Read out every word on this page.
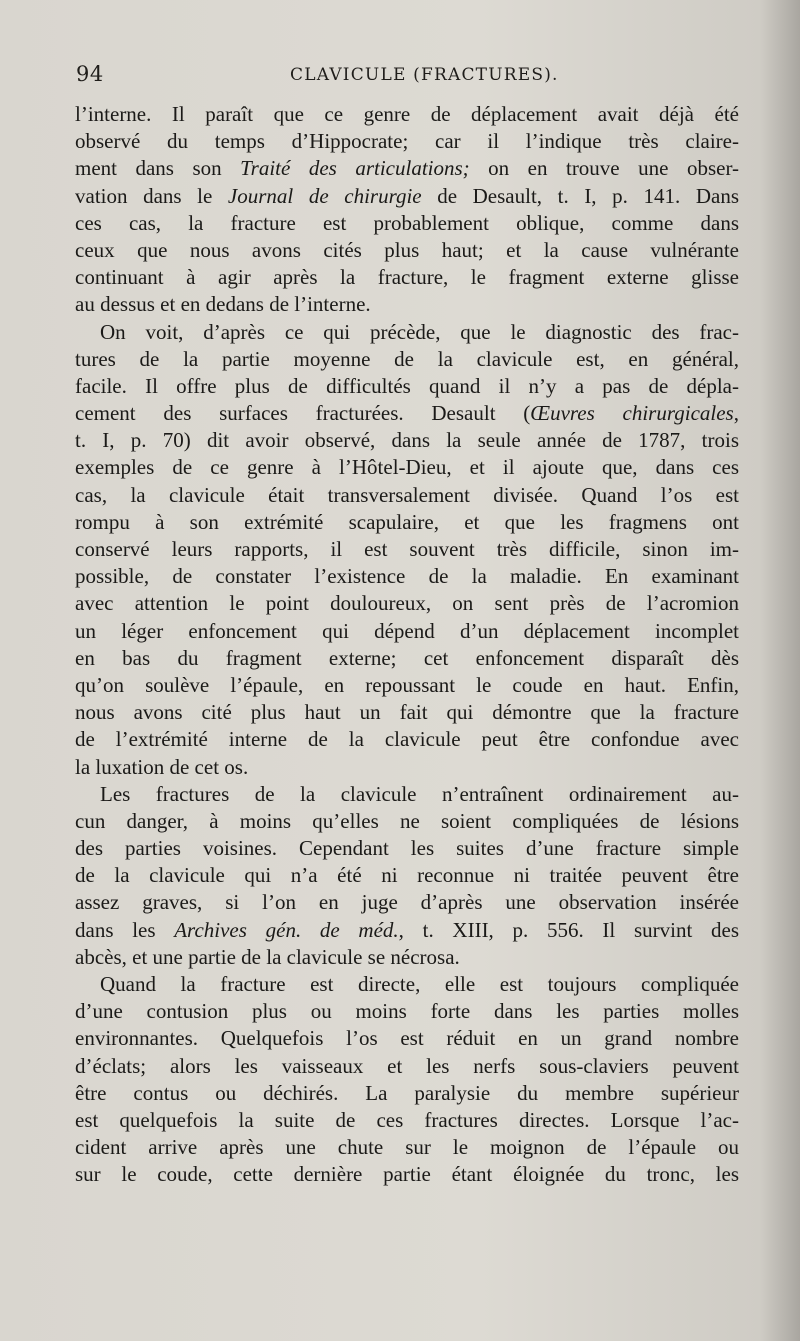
94	CLAVICULE (FRACTURES).
l’interne. Il paraît que ce genre de déplacement avait déjà été
observé du temps d’Hippocrate; car il l’indique très claire-
ment dans son Traité des articulations; on en trouve une obser-
vation dans le Journal de chirurgie de Desault, t. I, p. 141. Dans
ces cas, la fracture est probablement oblique, comme dans
ceux que nous avons cités plus haut; et la cause vulnérante
continuant à agir après la fracture, le fragment externe glisse
au dessus et en dedans de l’interne.
On voit, d’après ce qui précède, que le diagnostic des frac-
tures de la partie moyenne de la clavicule est, en général,
facile. Il offre plus de difficultés quand il n’y a pas de dépla-
cement des surfaces fracturées. Desault (Œuvres chirurgicales,
t. I, p. 70) dit avoir observé, dans la seule année de 1787, trois
exemples de ce genre à l’Hôtel-Dieu, et il ajoute que, dans ces
cas, la clavicule était transversalement divisée. Quand l’os est
rompu à son extrémité scapulaire, et que les fragmens ont
conservé leurs rapports, il est souvent très difficile, sinon im-
possible, de constater l’existence de la maladie. En examinant
avec attention le point douloureux, on sent près de l’acromion
un léger enfoncement qui dépend d’un déplacement incomplet
en bas du fragment externe; cet enfoncement disparaît dès
qu’on soulève l’épaule, en repoussant le coude en haut. Enfin,
nous avons cité plus haut un fait qui démontre que la fracture
de l’extrémité interne de la clavicule peut être confondue avec
la luxation de cet os.
Les fractures de la clavicule n’entraînent ordinairement au-
cun danger, à moins qu’elles ne soient compliquées de lésions
des parties voisines. Cependant les suites d’une fracture simple
de la clavicule qui n’a été ni reconnue ni traitée peuvent être
assez graves, si l’on en juge d’après une observation insérée
dans les Archives gén. de méd., t. XIII, p. 556. Il survint des
abcès, et une partie de la clavicule se nécrosa.
Quand la fracture est directe, elle est toujours compliquée
d’une contusion plus ou moins forte dans les parties molles
environnantes. Quelquefois l’os est réduit en un grand nombre
d’éclats; alors les vaisseaux et les nerfs sous-claviers peuvent
être contus ou déchirés. La paralysie du membre supérieur
est quelquefois la suite de ces fractures directes. Lorsque l’ac-
cident arrive après une chute sur le moignon de l’épaule ou
sur le coude, cette dernière partie étant éloignée du tronc, les
